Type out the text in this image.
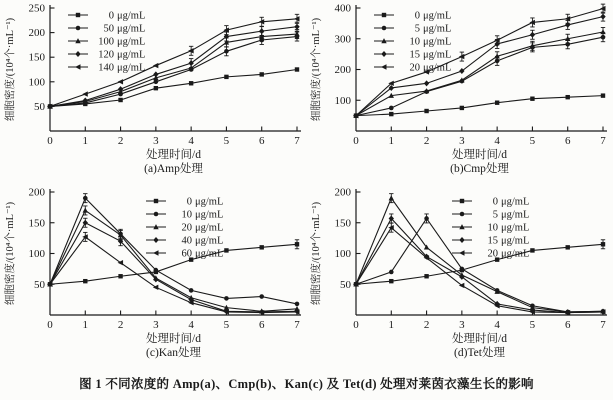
50
100
150
200
250
0	1	2	3	4	5	6	7
处理时间/d
(a)Amp处理
细胞密度/(10⁴个·mL⁻¹)
0 μg/mL
50 μg/mL
100 μg/mL
120 μg/mL
140 μg/mL
100
200
300
400
0	1	2	3	4	5	6	7
处理时间/d
(b)Cmp处理
细胞密度/(10⁴个·mL⁻¹)
0 μg/mL
5 μg/mL
10 μg/mL
15 μg/mL
20 μg/mL
50
100
150
200
0	1	2	3	4	5	6	7
处理时间/d
(c)Kan处理
细胞密度/(10⁴个·mL⁻¹)	0 μg/mL
10 μg/mL
20 μg/mL
40 μg/mL
60 μg/mL
50
100
150
200
0	1	2	3	4	5	6	7
处理时间/d
(d)Tet处理
细胞密度/(10⁴个·mL⁻¹)	0 μg/mL
5 μg/mL
10 μg/mL
15 μg/mL
20 μg/mL
图 1 不同浓度的 Amp(a)、Cmp(b)、Kan(c) 及 Tet(d) 处理对莱茵衣藻生长的影响
